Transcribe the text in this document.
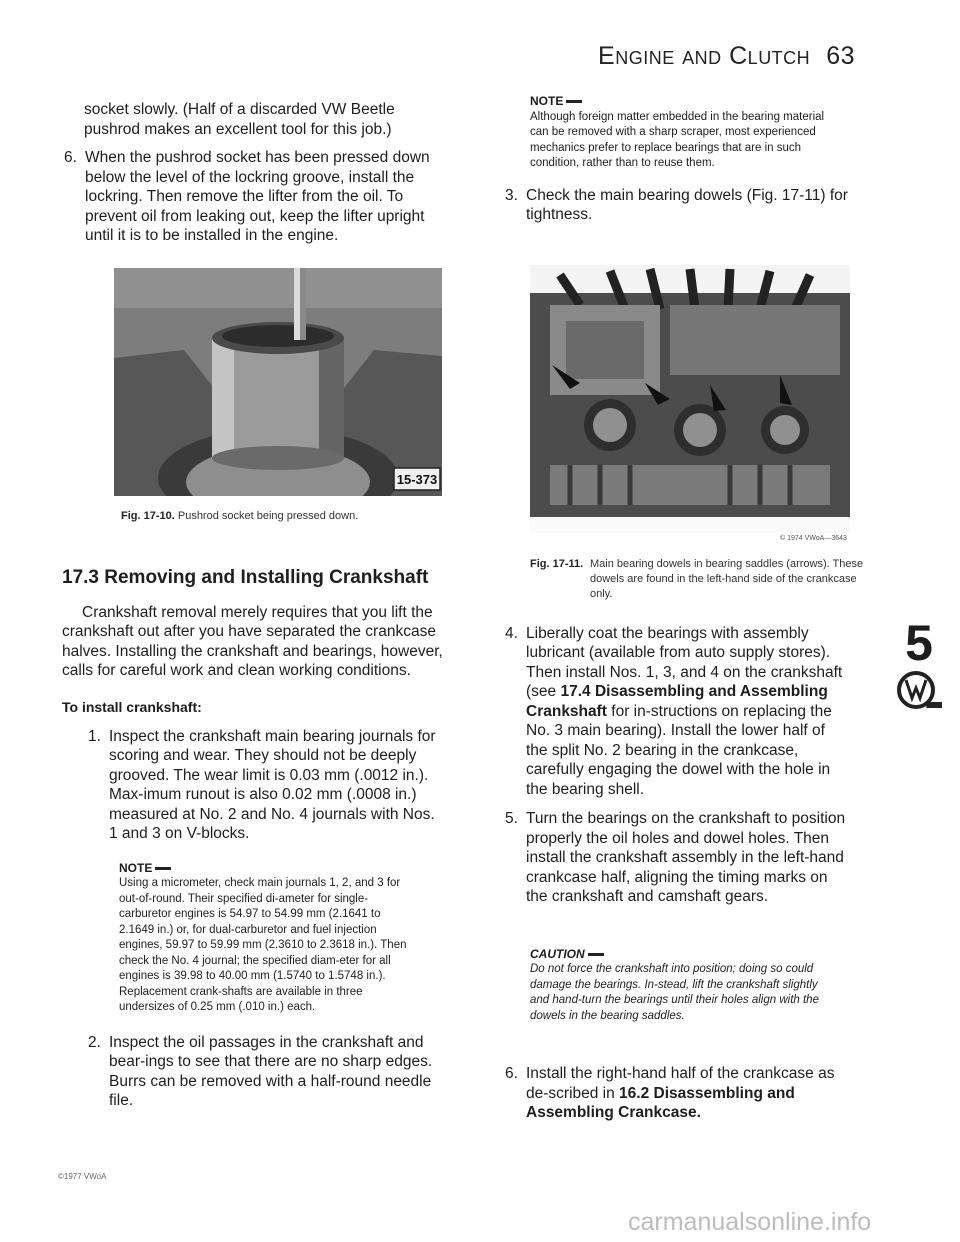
Engine and Clutch 63

socket slowly. (Half of a discarded VW Beetle pushrod makes an excellent tool for this job.)

6. When the pushrod socket has been pressed down below the level of the lockring groove, install the lockring. Then remove the lifter from the oil. To prevent oil from leaking out, keep the lifter upright until it is to be installed in the engine.
15-373
Fig. 17-10. Pushrod socket being pressed down.
17.3 Removing and Installing Crankshaft

Crankshaft removal merely requires that you lift the crankshaft out after you have separated the crankcase halves. Installing the crankshaft and bearings, however, calls for careful work and clean working conditions.

To install crankshaft:
1. Inspect the crankshaft main bearing journals for scoring and wear. They should not be deeply grooved. The wear limit is 0.03 mm (.0012 in.). Max-imum runout is also 0.02 mm (.0008 in.) measured at No. 2 and No. 4 journals with Nos. 1 and 3 on V-blocks.
NOTE
Using a micrometer, check main journals 1, 2, and 3 for out-of-round. Their specified di-ameter for single-carburetor engines is 54.97 to 54.99 mm (2.1641 to 2.1649 in.) or, for dual-carburetor and fuel injection engines, 59.97 to 59.99 mm (2.3610 to 2.3618 in.). Then check the No. 4 journal; the specified diam-eter for all engines is 39.98 to 40.00 mm (1.5740 to 1.5748 in.). Replacement crank-shafts are available in three undersizes of 0.25 mm (.010 in.) each.
2. Inspect the oil passages in the crankshaft and bear-ings to see that there are no sharp edges. Burrs can be removed with a half-round needle file.
NOTE
Although foreign matter embedded in the bearing material can be removed with a sharp scraper, most experienced mechanics prefer to replace bearings that are in such condition, rather than to reuse them.
3. Check the main bearing dowels (Fig. 17-11) for tightness.
© 1974 VWoA—3643
Fig. 17-11. Main bearing dowels in bearing saddles (arrows). These dowels are found in the left-hand side of the crankcase only.
4. Liberally coat the bearings with assembly lubricant (available from auto supply stores). Then install Nos. 1, 3, and 4 on the crankshaft (see 17.4 Disassembling and Assembling Crankshaft for in-structions on replacing the No. 3 main bearing). Install the lower half of the split No. 2 bearing in the crankcase, carefully engaging the dowel with the hole in the bearing shell.
5. Turn the bearings on the crankshaft to position properly the oil holes and dowel holes. Then install the crankshaft assembly in the left-hand crankcase half, aligning the timing marks on the crankshaft and camshaft gears.
CAUTION
Do not force the crankshaft into position; doing so could damage the bearings. In-stead, lift the crankshaft slightly and hand-turn the bearings until their holes align with the dowels in the bearing saddles.
6. Install the right-hand half of the crankcase as de-scribed in 16.2 Disassembling and Assembling Crankcase.
5
©1977 VWoA
carmanualsonline.info
